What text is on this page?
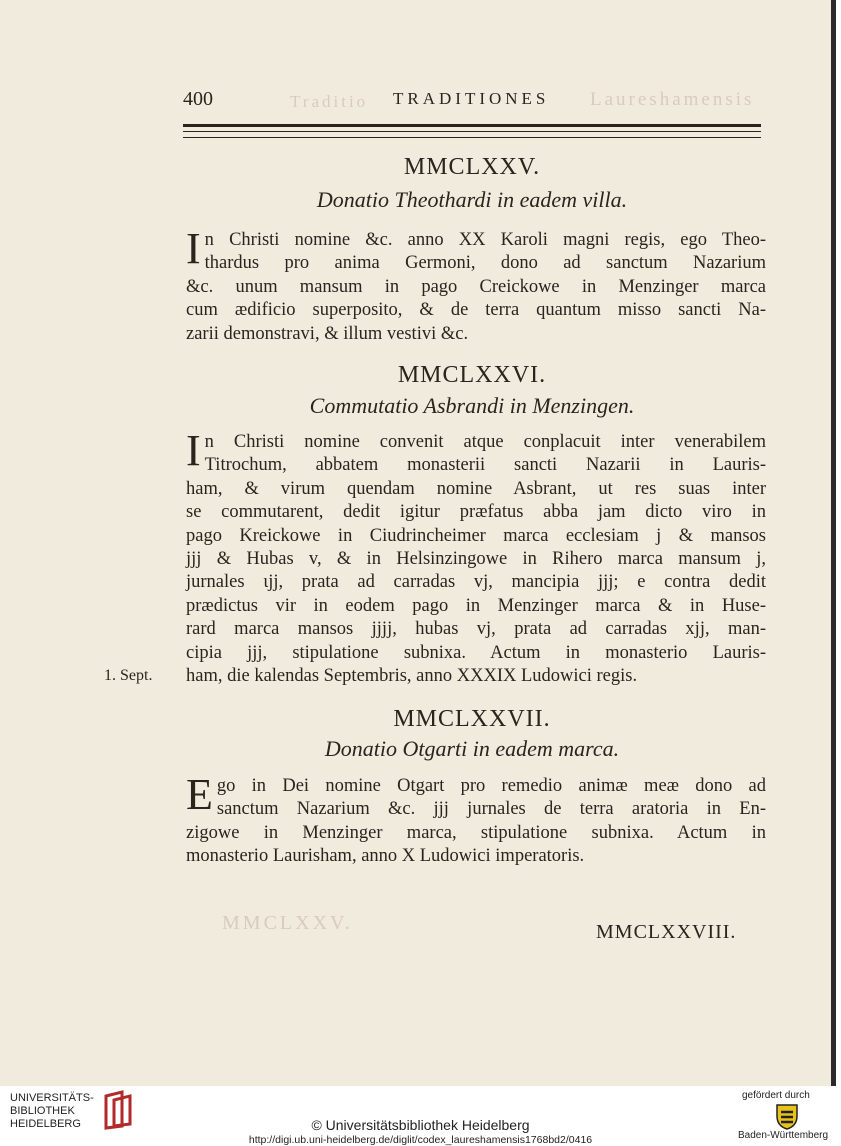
Traditio	Laureshamensis
MMCLXXV.
400	TRADITIONES
MMCLXXV.
Donatio Theothardi in eadem villa.
I n Christi nomine &c. anno XX Karoli magni regis, ego Theo-
thardus pro anima Germoni, dono ad sanctum Nazarium
&c. unum mansum in pago Creickowe in Menzinger marca
cum ædificio superposito, & de terra quantum misso sancti Na-
zarii demonstravi, & illum vestivi &c.
MMCLXXVI.
Commutatio Asbrandi in Menzingen.
I n Christi nomine convenit atque conplacuit inter venerabilem
Titrochum, abbatem monasterii sancti Nazarii in Lauris-
ham, & virum quendam nomine Asbrant, ut res suas inter
se commutarent, dedit igitur præfatus abba jam dicto viro in
pago Kreickowe in Ciudrincheimer marca ecclesiam j & mansos
jjj & Hubas v, & in Helsinzingowe in Rihero marca mansum j,
jurnales ɩjj, prata ad carradas vj, mancipia jjj; e contra dedit
prædictus vir in eodem pago in Menzinger marca & in Huse-
rard marca mansos jjjj, hubas vj, prata ad carradas xjj, man-
cipia jjj, stipulatione subnixa. Actum in monasterio Lauris-
ham, die kalendas Septembris, anno XXXIX Ludowici regis.
1. Sept.
MMCLXXVII.
Donatio Otgarti in eadem marca.
E go in Dei nomine Otgart pro remedio animæ meæ dono ad
sanctum Nazarium &c. jjj jurnales de terra aratoria in En-
zigowe in Menzinger marca, stipulatione subnixa. Actum in
monasterio Laurisham, anno X Ludowici imperatoris.
MMCLXXVIII.
UNIVERSITÄTS-
BIBLIOTHEK
HEIDELBERG	© Universitätsbibliothek Heidelberg
http://digi.ub.uni-heidelberg.de/diglit/codex_laureshamensis1768bd2/0416
gefördert durch
Baden-Württemberg
